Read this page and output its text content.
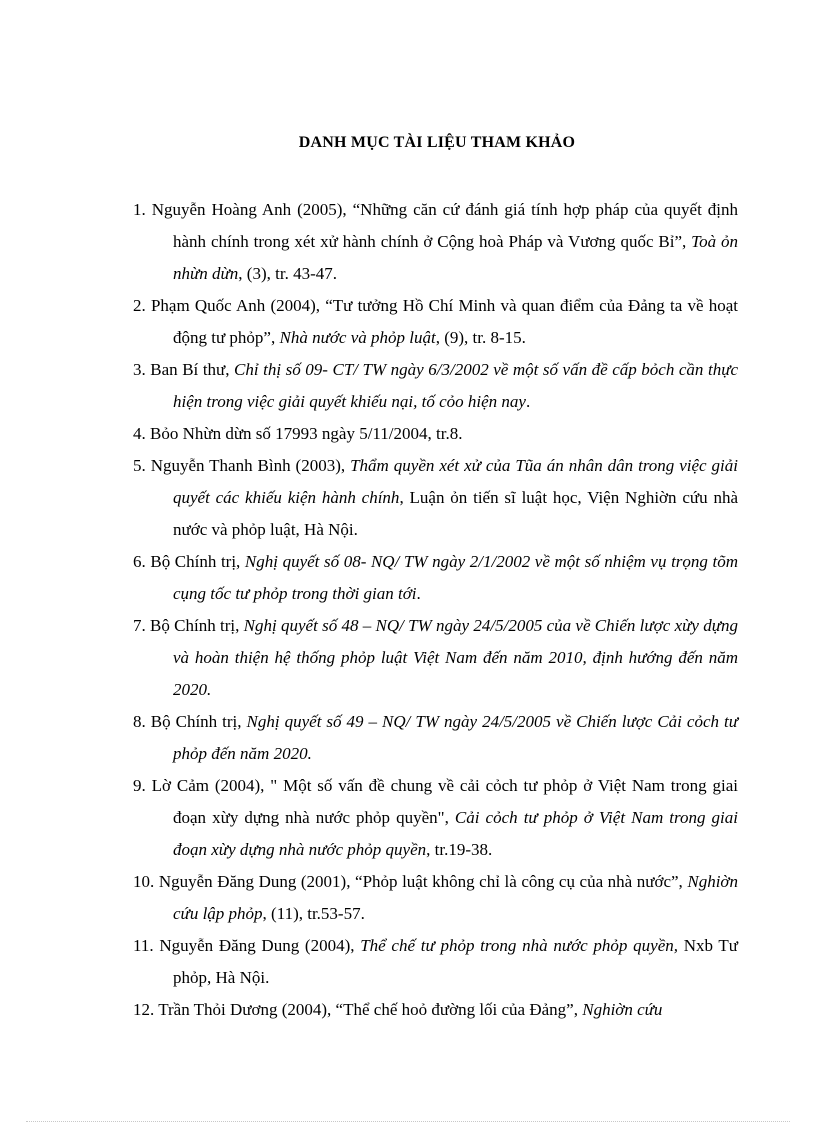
DANH MỤC TÀI LIỆU THAM KHẢO
1. Nguyễn Hoàng Anh (2005), “Những căn cứ đánh giá tính hợp pháp của quyết định hành chính trong xét xử hành chính ở Cộng hoà Pháp và Vương quốc Bỉ”, Toà ỏn nhừn dừn, (3), tr. 43-47.
2. Phạm Quốc Anh (2004), “Tư tưởng Hồ Chí Minh và quan điểm của Đảng ta về hoạt động tư phỏp”, Nhà nước và phỏp luật, (9), tr. 8-15.
3. Ban Bí thư, Chỉ thị số 09- CT/ TW ngày 6/3/2002 về một số vấn đề cấp bỏch cần thực hiện trong việc giải quyết khiếu nại, tố cỏo hiện nay.
4. Bỏo Nhừn dừn số 17993 ngày 5/11/2004, tr.8.
5. Nguyễn Thanh Bình (2003), Thẩm quyền xét xử của Tũa án nhân dân trong việc giải quyết các khiếu kiện hành chính, Luận ỏn tiến sĩ luật học, Viện Nghiờn cứu nhà nước và phỏp luật, Hà Nội.
6. Bộ Chính trị, Nghị quyết số 08- NQ/ TW ngày 2/1/2002 về một số nhiệm vụ trọng tõm cụng tốc tư phỏp trong thời gian tới.
7. Bộ Chính trị, Nghị quyết số 48 – NQ/ TW ngày 24/5/2005 của về Chiến lược xừy dựng và hoàn thiện hệ thống phỏp luật Việt Nam đến năm 2010, định hướng đến năm 2020.
8. Bộ Chính trị, Nghị quyết số 49 – NQ/ TW ngày 24/5/2005 về Chiến lược Cải cỏch tư phỏp đến năm 2020.
9. Lờ Cảm (2004), " Một số vấn đề chung về cải cỏch tư phỏp ở Việt Nam trong giai đoạn xừy dựng nhà nước phỏp quyền", Cải cỏch tư phỏp ở Việt Nam trong giai đoạn xừy dựng nhà nước phỏp quyền, tr.19-38.
10. Nguyễn Đăng Dung (2001), “Phỏp luật không chỉ là công cụ của nhà nước”, Nghiờn cứu lập phỏp, (11), tr.53-57.
11. Nguyễn Đăng Dung (2004), Thể chế tư phỏp trong nhà nước phỏp quyền, Nxb Tư phỏp, Hà Nội.
12. Trần Thỏi Dương (2004), “Thể chế hoỏ đường lối của Đảng”, Nghiờn cứu
